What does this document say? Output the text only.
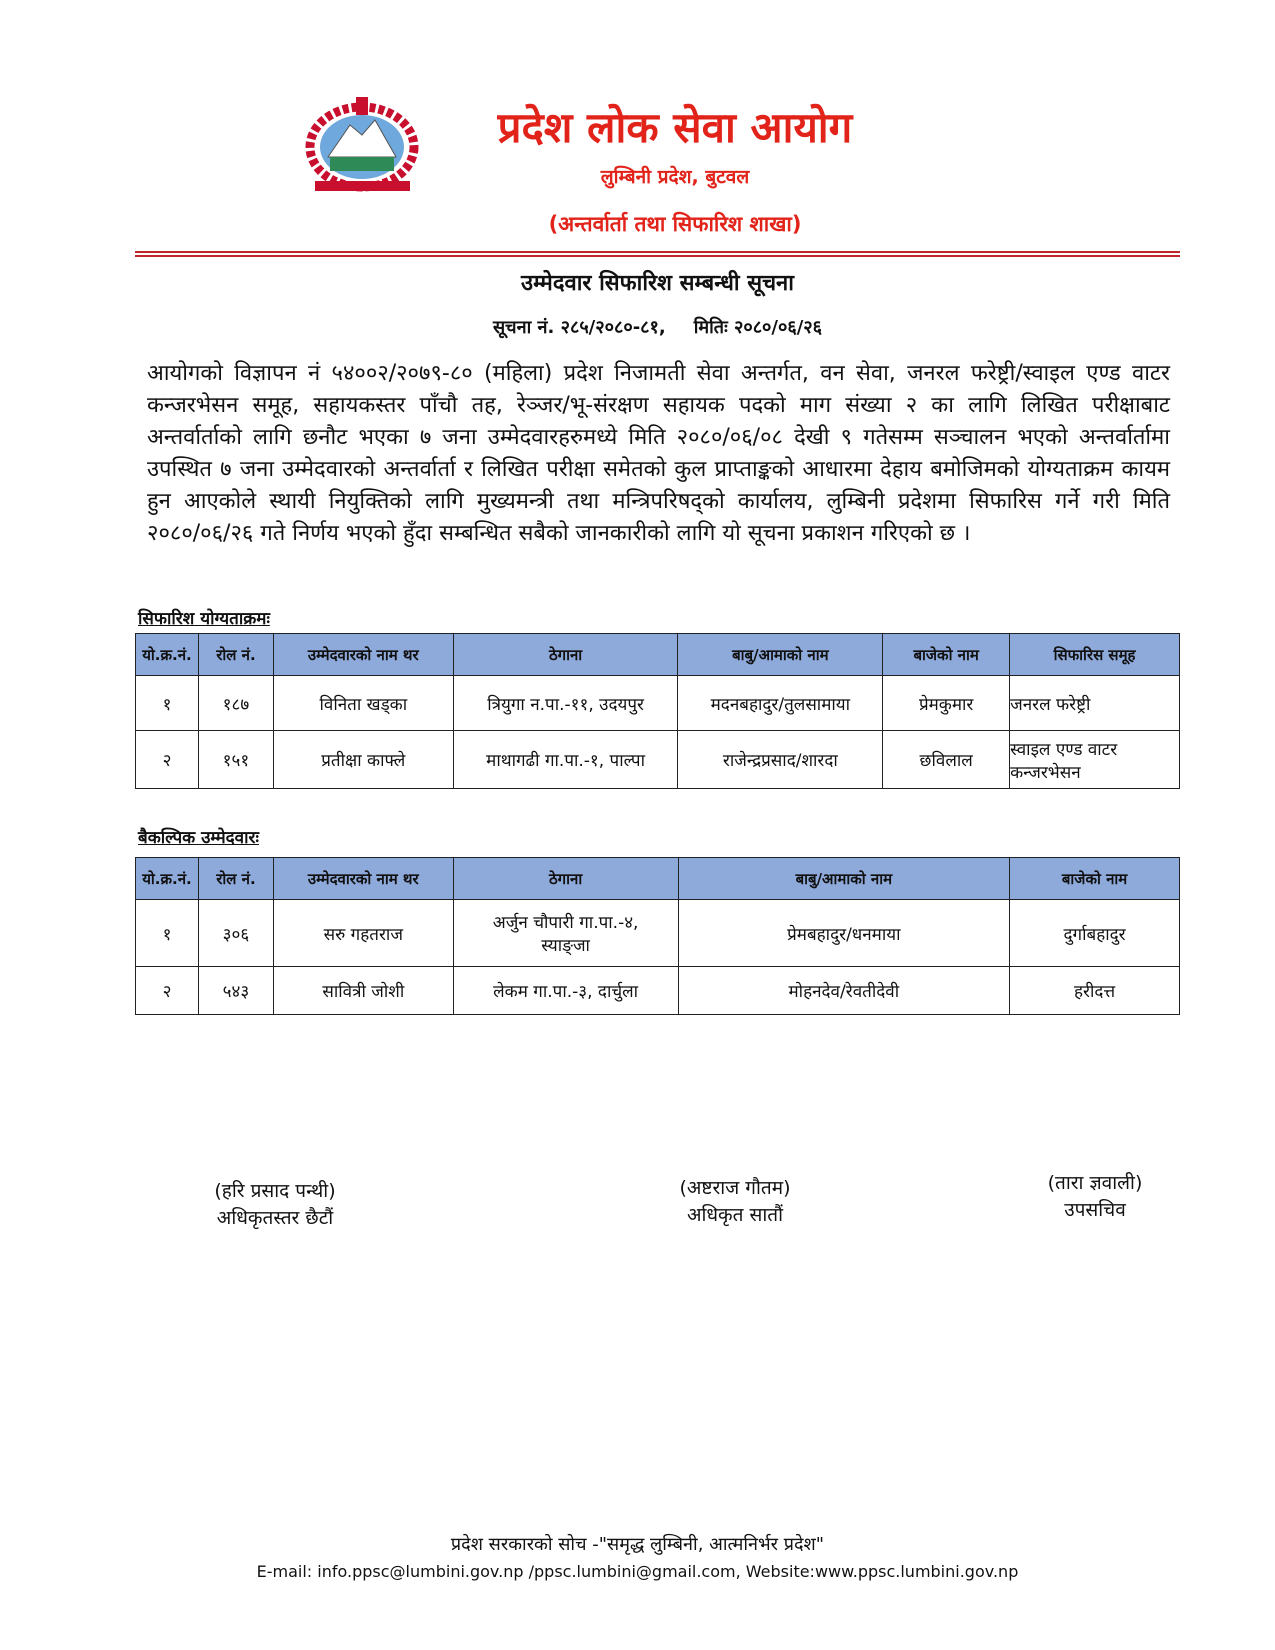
प्रदेश लोक सेवा आयोग
लुम्बिनी प्रदेश, बुटवल
(अन्तर्वार्ता तथा सिफारिश शाखा)
उम्मेदवार सिफारिश सम्बन्धी सूचना
सूचना नं. २८५/२०८०-८१, मितिः २०८०/०६/२६
आयोगको विज्ञापन नं ५४००२/२०७९-८० (महिला) प्रदेश निजामती सेवा अन्तर्गत, वन सेवा, जनरल फरेष्ट्री/स्वाइल एण्ड वाटर कन्जरभेसन समूह, सहायकस्तर पाँचौ तह, रेञ्जर/भू-संरक्षण सहायक पदको माग संख्या २ का लागि लिखित परीक्षाबाट अन्तर्वार्ताको लागि छनौट भएका ७ जना उम्मेदवारहरुमध्ये मिति २०८०/०६/०८ देखी ९ गतेसम्म सञ्चालन भएको अन्तर्वार्तामा उपस्थित ७ जना उम्मेदवारको अन्तर्वार्ता र लिखित परीक्षा समेतको कुल प्राप्ताङ्कको आधारमा देहाय बमोजिमको योग्यताक्रम कायम हुन आएकोले स्थायी नियुक्तिको लागि मुख्यमन्त्री तथा मन्त्रिपरिषद्को कार्यालय, लुम्बिनी प्रदेशमा सिफारिस गर्ने गरी मिति २०८०/०६/२६ गते निर्णय भएको हुँदा सम्बन्धित सबैको जानकारीको लागि यो सूचना प्रकाशन गरिएको छ ।
सिफारिश योग्यताक्रमः
यो.क्र.नं.	रोल नं.	उम्मेदवारको नाम थर	ठेगाना	बाबु/आमाको नाम	बाजेको नाम	सिफारिस समूह
१	१८७	विनिता खड्का	त्रियुगा न.पा.-११, उदयपुर	मदनबहादुर/तुलसामाया	प्रेमकुमार	जनरल फरेष्ट्री
२	१५१	प्रतीक्षा काफ्ले	माथागढी गा.पा.-१, पाल्पा	राजेन्द्रप्रसाद/शारदा	छविलाल	स्वाइल एण्ड वाटर कन्जरभेसन
बैकल्पिक उम्मेदवारः
यो.क्र.नं.	रोल नं.	उम्मेदवारको नाम थर	ठेगाना	बाबु/आमाको नाम	बाजेको नाम
१	३०६	सरु गहतराज	अर्जुन चौपारी गा.पा.-४, स्याङ्जा	प्रेमबहादुर/धनमाया	दुर्गाबहादुर
२	५४३	सावित्री जोशी	लेकम गा.पा.-३, दार्चुला	मोहनदेव/रेवतीदेवी	हरीदत्त
(हरि प्रसाद पन्थी)
अधिकृतस्तर छैटौं
(अष्टराज गौतम)
अधिकृत सातौं
(तारा ज्ञवाली)
उपसचिव
प्रदेश सरकारको सोच -"समृद्ध लुम्बिनी, आत्मनिर्भर प्रदेश"
E-mail: info.ppsc@lumbini.gov.np /ppsc.lumbini@gmail.com, Website:www.ppsc.lumbini.gov.np
